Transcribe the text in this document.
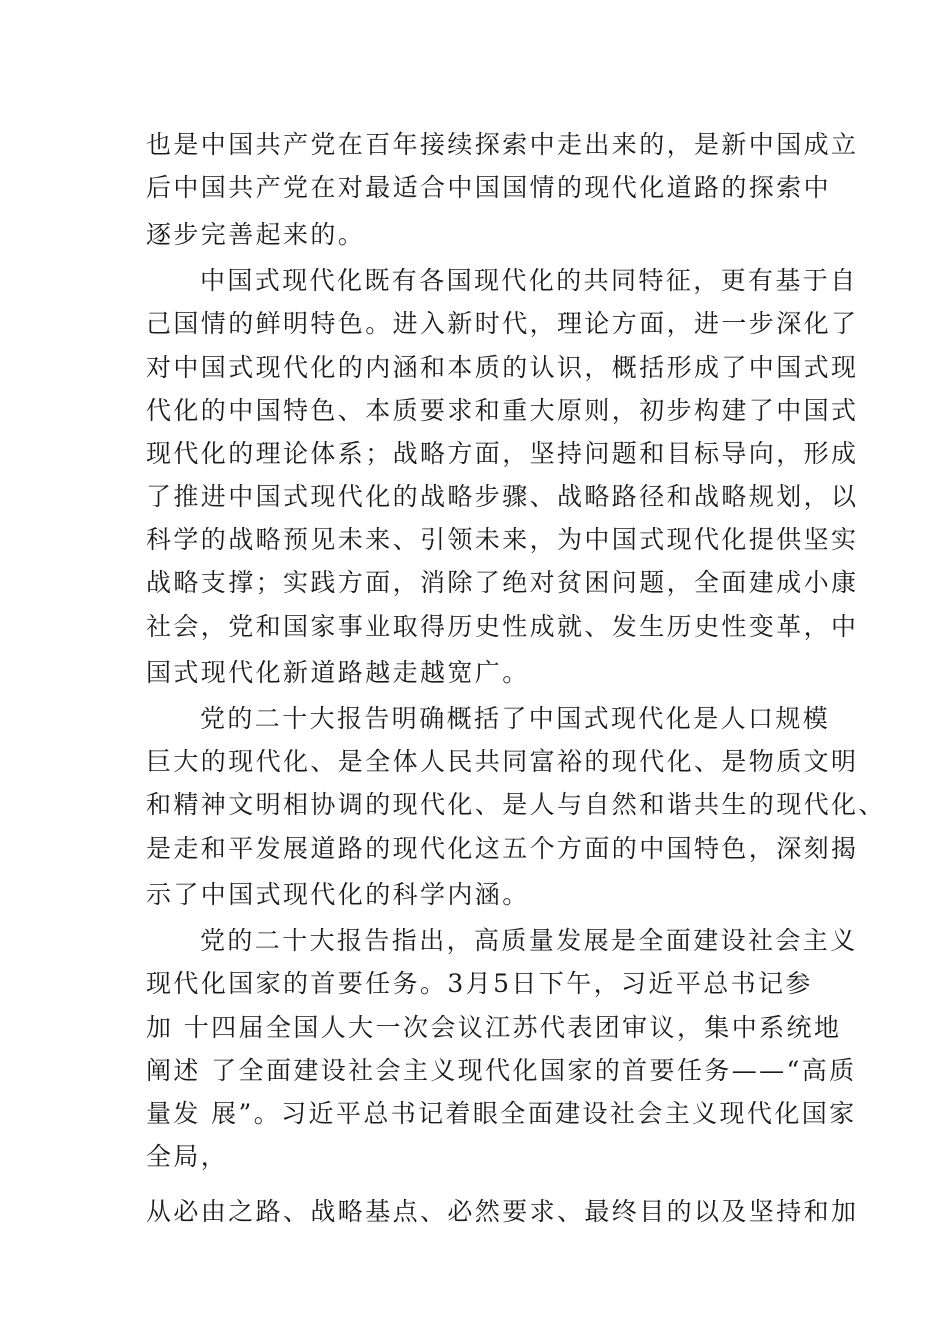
也是中国共产党在百年接续探索中走出来的，是新中国成立
后中国共产党在对最适合中国国情的现代化道路的探索中
逐步完善起来的。
中国式现代化既有各国现代化的共同特征，更有基于自
己国情的鲜明特色。进入新时代，理论方面，进一步深化了
对中国式现代化的内涵和本质的认识，概括形成了中国式现
代化的中国特色、本质要求和重大原则，初步构建了中国式
现代化的理论体系；战略方面，坚持问题和目标导向，形成
了推进中国式现代化的战略步骤、战略路径和战略规划，以
科学的战略预见未来、引领未来，为中国式现代化提供坚实
战略支撑；实践方面，消除了绝对贫困问题，全面建成小康
社会，党和国家事业取得历史性成就、发生历史性变革，中
国式现代化新道路越走越宽广。
党的二十大报告明确概括了中国式现代化是人口规模
巨大的现代化、是全体人民共同富裕的现代化、是物质文明
和精神文明相协调的现代化、是人与自然和谐共生的现代化、
是走和平发展道路的现代化这五个方面的中国特色，深刻揭
示了中国式现代化的科学内涵。
党的二十大报告指出，高质量发展是全面建设社会主义
现代化国家的首要任务。3月5日下午，习近平总书记参
加 十四届全国人大一次会议江苏代表团审议，集中系统地
阐述 了全面建设社会主义现代化国家的首要任务——“高质
量发 展”。习近平总书记着眼全面建设社会主义现代化国家
全局，
从必由之路、战略基点、必然要求、最终目的以及坚持和加
